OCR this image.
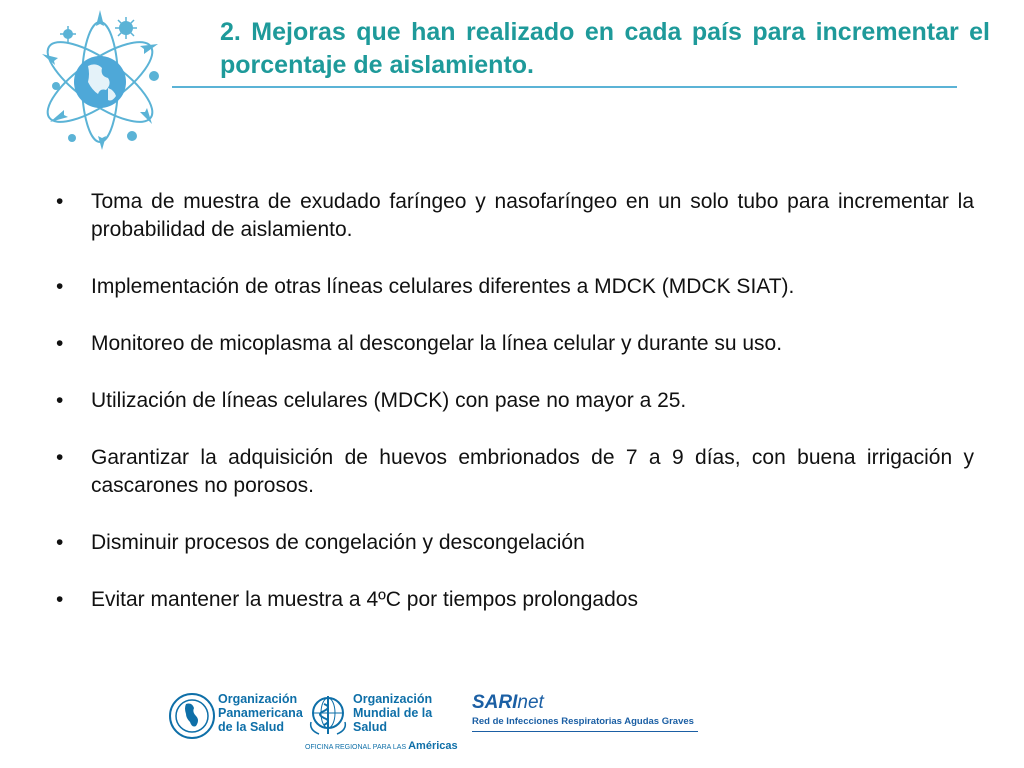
2. Mejoras que han realizado en cada país para incrementar el porcentaje de aislamiento.
•	Toma de muestra de exudado faríngeo y nasofaríngeo en un solo tubo para incrementar la probabilidad de aislamiento.
•	Implementación de otras líneas celulares diferentes a MDCK (MDCK SIAT).
•	Monitoreo de micoplasma al descongelar la línea celular y durante su uso.
•	Utilización de líneas celulares (MDCK) con pase no mayor a 25.
•	Garantizar la adquisición de huevos embrionados de 7 a 9 días, con buena irrigación y cascarones no porosos.
•	Disminuir procesos de congelación y descongelación
•	Evitar mantener la muestra a 4ºC por tiempos prolongados
Organización
Panamericana
de la Salud
Organización
Mundial de la Salud
OFICINA REGIONAL PARA LAS Américas
SARInet
Red de Infecciones Respiratorias Agudas Graves
